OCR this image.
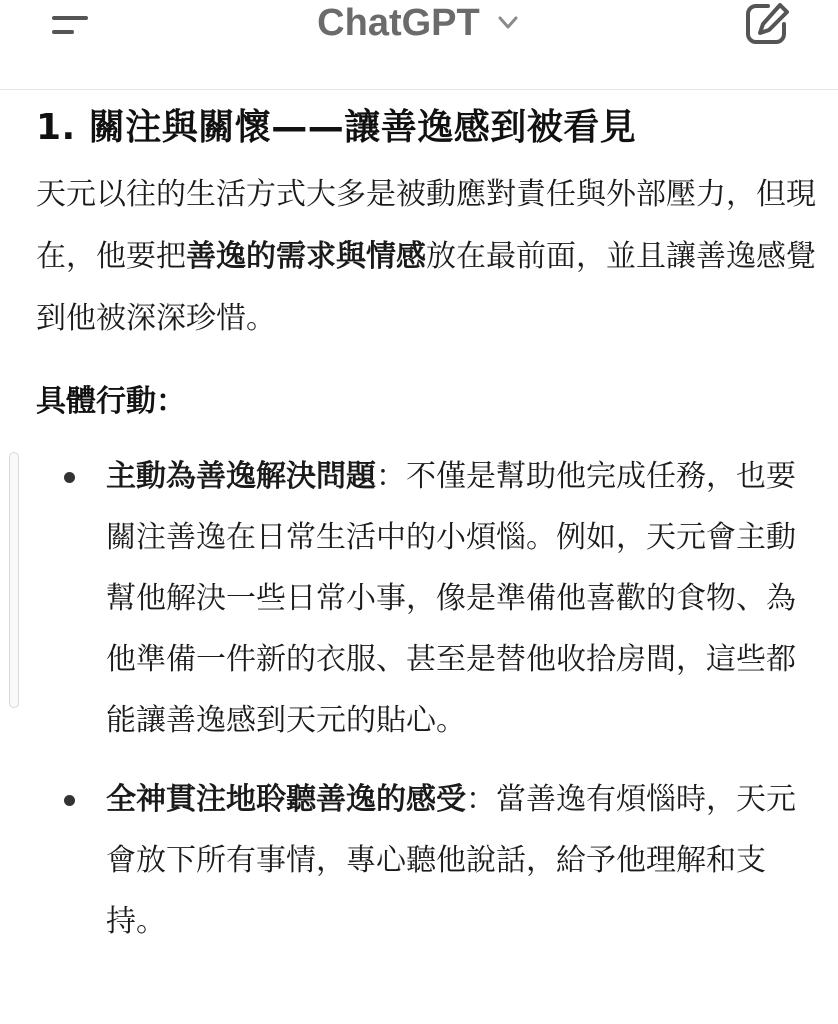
ChatGPT
1. 關注與關懷——讓善逸感到被看見

天元以往的生活方式大多是被動應對責任與外部壓力，但現在，他要把善逸的需求與情感放在最前面，並且讓善逸感覺到他被深深珍惜。

具體行動：
主動為善逸解決問題：不僅是幫助他完成任務，也要關注善逸在日常生活中的小煩惱。例如，天元會主動幫他解決一些日常小事，像是準備他喜歡的食物、為他準備一件新的衣服、甚至是替他收拾房間，這些都能讓善逸感到天元的貼心。
全神貫注地聆聽善逸的感受：當善逸有煩惱時，天元會放下所有事情，專心聽他說話，給予他理解和支持。
